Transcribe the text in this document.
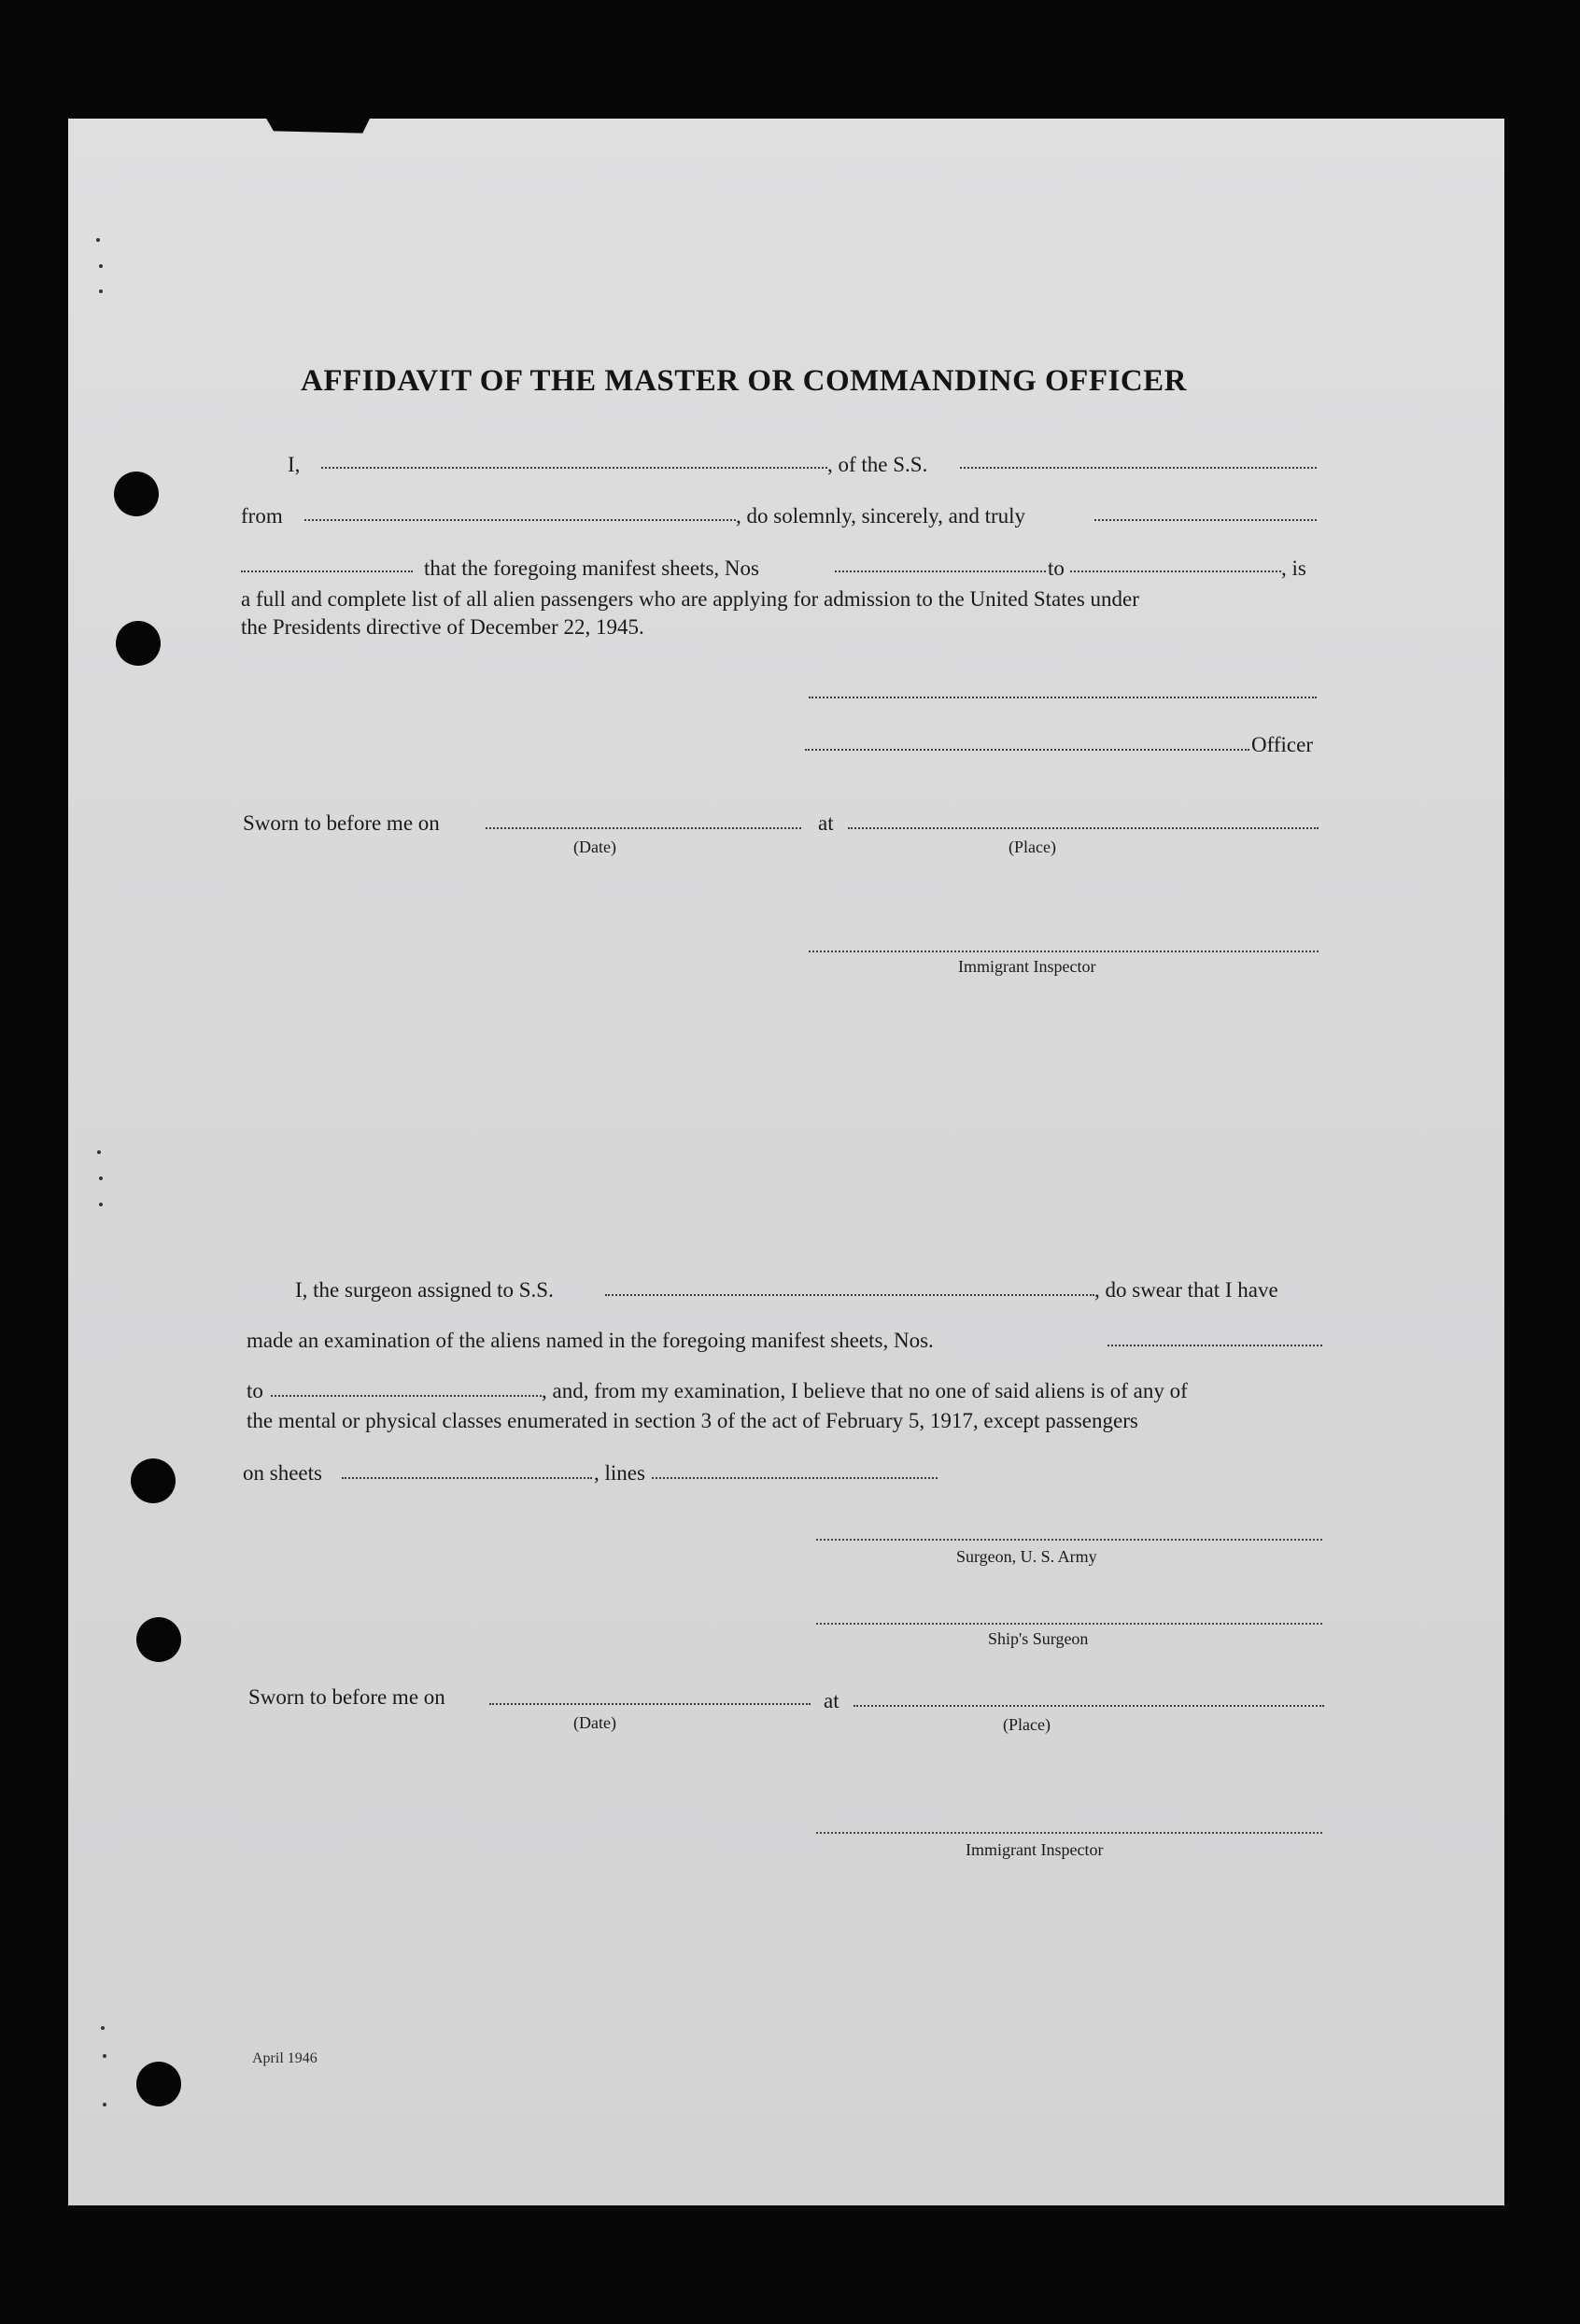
AFFIDAVIT OF THE MASTER OR COMMANDING OFFICER
I,	, of the S.S.
from	, do solemnly, sincerely, and truly
that the foregoing manifest sheets, Nos	to	, is
a full and complete list of all alien passengers who are applying for admission to the United States under
the Presidents directive of December 22, 1945.
Officer
Sworn to before me on	at
(Date)	(Place)
Immigrant Inspector
I, the surgeon assigned to S.S.	, do swear that I have
made an examination of the aliens named in the foregoing manifest sheets, Nos.
to	, and, from my examination, I believe that no one of said aliens is of any of
the mental or physical classes enumerated in section 3 of the act of February 5, 1917, except passengers
on sheets	, lines
Surgeon, U. S. Army
Ship's Surgeon
Sworn to before me on	at
(Date)	(Place)
Immigrant Inspector
April 1946
